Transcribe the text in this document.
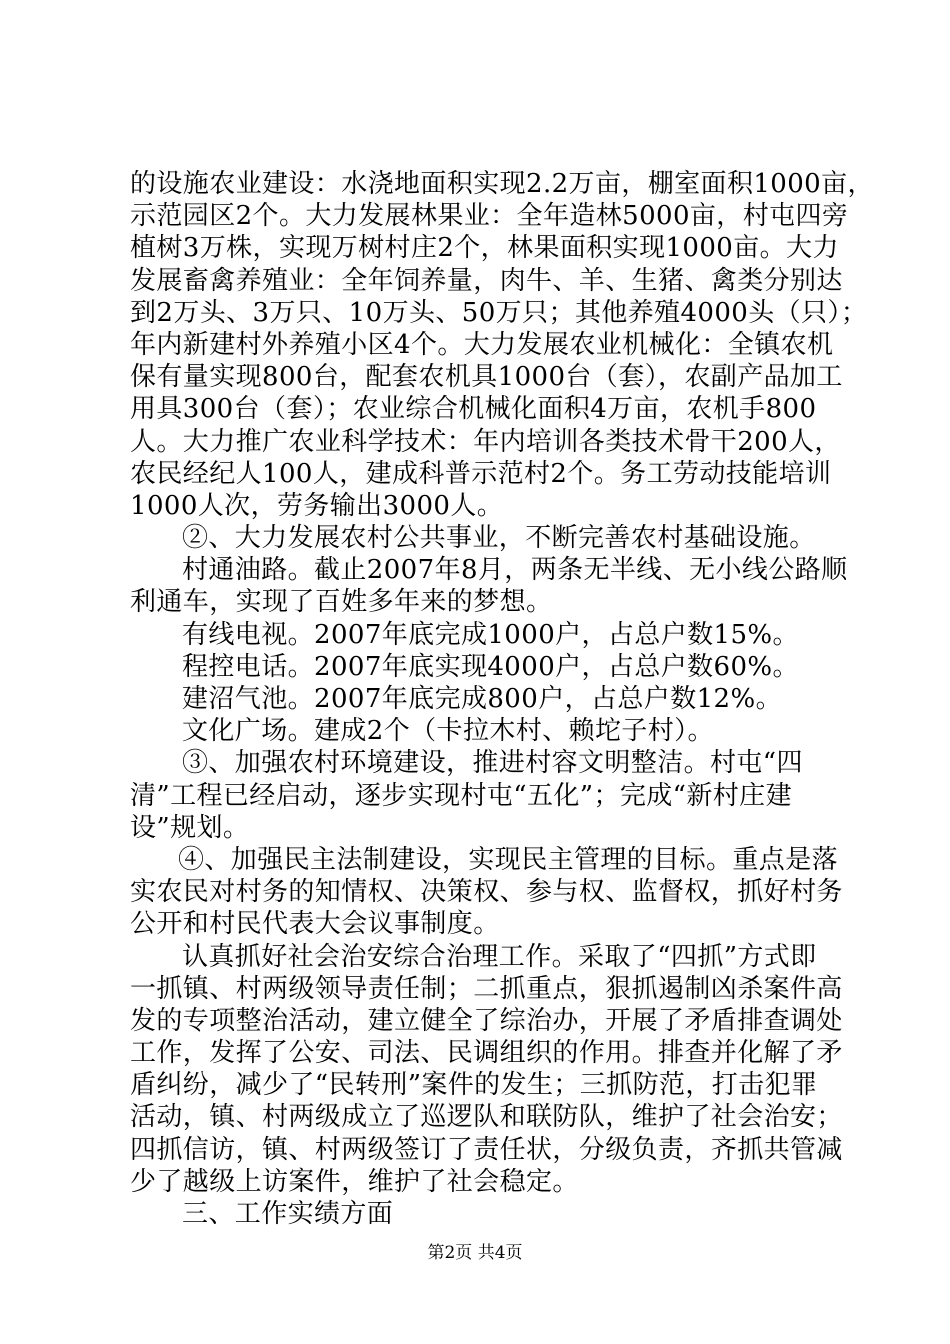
的设施农业建设：水浇地面积实现2.2万亩，棚室面积1000亩，
示范园区2个。大力发展林果业：全年造林5000亩，村屯四旁
植树3万株，实现万树村庄2个，林果面积实现1000亩。大力
发展畜禽养殖业：全年饲养量，肉牛、羊、生猪、禽类分别达
到2万头、3万只、10万头、50万只；其他养殖4000头（只）；
年内新建村外养殖小区4个。大力发展农业机械化：全镇农机
保有量实现800台，配套农机具1000台（套），农副产品加工
用具300台（套）；农业综合机械化面积4万亩，农机手800
人。大力推广农业科学技术：年内培训各类技术骨干200人，
农民经纪人100人，建成科普示范村2个。务工劳动技能培训
1000人次，劳务输出3000人。
②、大力发展农村公共事业，不断完善农村基础设施。
村通油路。截止2007年8月，两条无半线、无小线公路顺
利通车，实现了百姓多年来的梦想。
有线电视。2007年底完成1000户，占总户数15%。
程控电话。2007年底实现4000户，占总户数60%。
建沼气池。2007年底完成800户，占总户数12%。
文化广场。建成2个（卡拉木村、赖坨子村）。
③、加强农村环境建设，推进村容文明整洁。村屯“四
清”工程已经启动，逐步实现村屯“五化”；完成“新村庄建
设”规划。
④、加强民主法制建设，实现民主管理的目标。重点是落
实农民对村务的知情权、决策权、参与权、监督权，抓好村务
公开和村民代表大会议事制度。
认真抓好社会治安综合治理工作。采取了“四抓”方式即
一抓镇、村两级领导责任制；二抓重点，狠抓遏制凶杀案件高
发的专项整治活动，建立健全了综治办，开展了矛盾排查调处
工作，发挥了公安、司法、民调组织的作用。排查并化解了矛
盾纠纷，减少了“民转刑”案件的发生；三抓防范，打击犯罪
活动，镇、村两级成立了巡逻队和联防队，维护了社会治安；
四抓信访，镇、村两级签订了责任状，分级负责，齐抓共管减
少了越级上访案件，维护了社会稳定。
三、工作实绩方面
第2页 共4页
